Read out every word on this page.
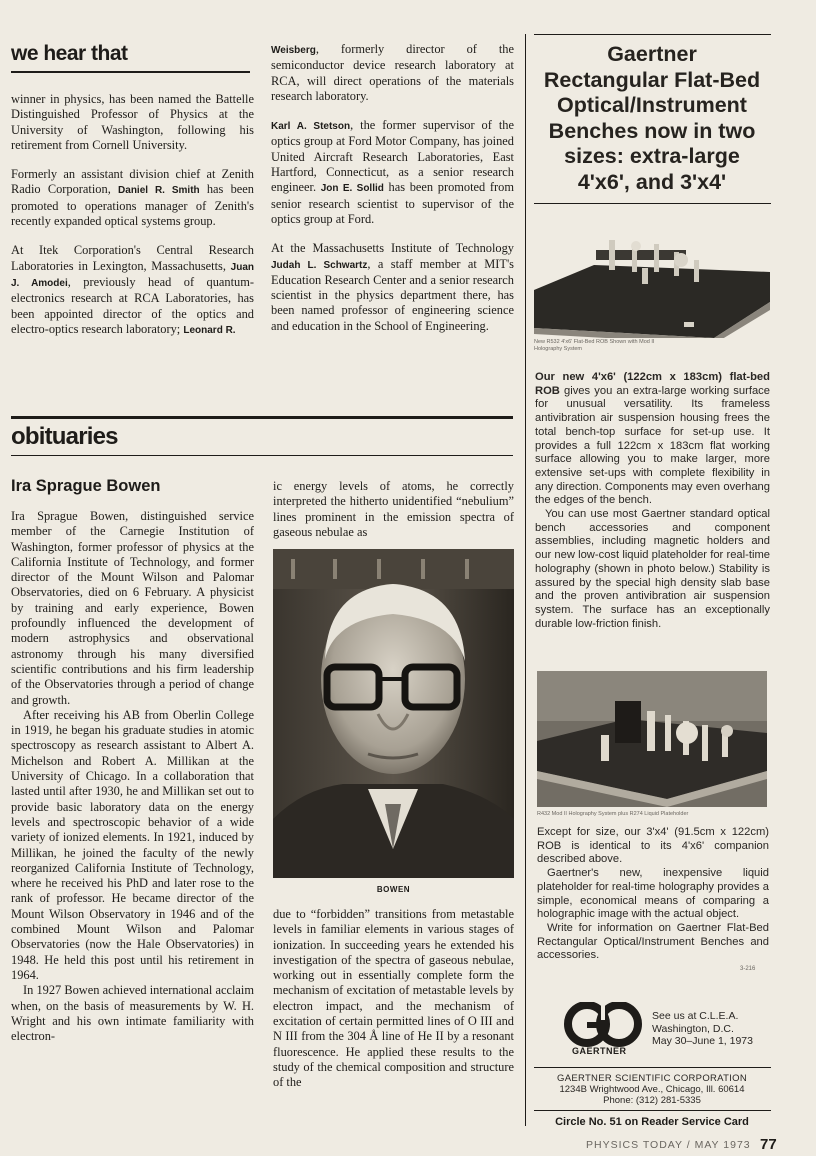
we hear that

winner in physics, has been named the Battelle Distinguished Professor of Physics at the University of Washington, following his retirement from Cornell University.

Formerly an assistant division chief at Zenith Radio Corporation, Daniel R. Smith has been promoted to operations manager of Zenith's recently expanded optical systems group.

At Itek Corporation's Central Research Laboratories in Lexington, Massachusetts, Juan J. Amodei, previously head of quantum-electronics research at RCA Laboratories, has been appointed director of the optics and electro-optics research laboratory; Leonard R.

Weisberg, formerly director of the semiconductor device research laboratory at RCA, will direct operations of the materials research laboratory.

Karl A. Stetson, the former supervisor of the optics group at Ford Motor Company, has joined United Aircraft Research Laboratories, East Hartford, Connecticut, as a senior research engineer. Jon E. Sollid has been promoted from senior research scientist to supervisor of the optics group at Ford.

At the Massachusetts Institute of Technology Judah L. Schwartz, a staff member at MIT's Education Research Center and a senior research scientist in the physics department there, has been named professor of engineering science and education in the School of Engineering.

obituaries
Ira Sprague Bowen

Ira Sprague Bowen, distinguished service member of the Carnegie Institution of Washington, former professor of physics at the California Institute of Technology, and former director of the Mount Wilson and Palomar Observatories, died on 6 February. A physicist by training and early experience, Bowen profoundly influenced the development of modern astrophysics and observational astronomy through his many diversified scientific contributions and his firm leadership of the Observatories through a period of change and growth.

After receiving his AB from Oberlin College in 1919, he began his graduate studies in atomic spectroscopy as research assistant to Albert A. Michelson and Robert A. Millikan at the University of Chicago. In a collaboration that lasted until after 1930, he and Millikan set out to provide basic laboratory data on the energy levels and spectroscopic behavior of a wide variety of ionized elements. In 1921, induced by Millikan, he joined the faculty of the newly reorganized California Institute of Technology, where he received his PhD and later rose to the rank of professor. He became director of the Mount Wilson Observatory in 1946 and of the combined Mount Wilson and Palomar Observatories (now the Hale Observatories) in 1948. He held this post until his retirement in 1964.

In 1927 Bowen achieved international acclaim when, on the basis of measurements by W. H. Wright and his own intimate familiarity with electron-

ic energy levels of atoms, he correctly interpreted the hitherto unidentified “nebulium” lines prominent in the emission spectra of gaseous nebulae as

BOWEN

due to “forbidden” transitions from metastable levels in familiar elements in various stages of ionization. In succeeding years he extended his investigation of the spectra of gaseous nebulae, working out in essentially complete form the mechanism of excitation of metastable levels by electron impact, and the mechanism of excitation of certain permitted lines of O III and N III from the 304 Å line of He II by a resonant fluorescence. He applied these results to the study of the chemical composition and structure of the

Gaertner
Rectangular Flat-Bed
Optical/Instrument
Benches now in two
sizes: extra-large
4'x6', and 3'x4'
New R532 4'x6' Flat-Bed ROB Shown with Mod II Holography System

Our new 4'x6' (122cm x 183cm) flat-bed ROB gives you an extra-large working surface for unusual versatility. Its frameless antivibration air suspension housing frees the total bench-top surface for set-up use. It provides a full 122cm x 183cm flat working surface allowing you to make larger, more extensive set-ups with complete flexibility in any direction. Components may even overhang the edges of the bench.

You can use most Gaertner standard optical bench accessories and component assemblies, including magnetic holders and our new low-cost liquid plateholder for real-time holography (shown in photo below.) Stability is assured by the special high density slab base and the proven antivibration air suspension system. The surface has an exceptionally durable low-friction finish.

R432 Mod II Holography System plus R274 Liquid Plateholder

Except for size, our 3'x4' (91.5cm x 122cm) ROB is identical to its 4'x6' companion described above.

Gaertner's new, inexpensive liquid plateholder for real-time holography provides a simple, economical means of comparing a holographic image with the actual object.

Write for information on Gaertner Flat-Bed Rectangular Optical/Instrument Benches and accessories.

3-216
GAERTNER
See us at C.L.E.A.
Washington, D.C.
May 30–June 1, 1973
GAERTNER SCIENTIFIC CORPORATION
1234B Wrightwood Ave., Chicago, Ill. 60614
Phone: (312) 281-5335
Circle No. 51 on Reader Service Card
PHYSICS TODAY / MAY 1973 77
